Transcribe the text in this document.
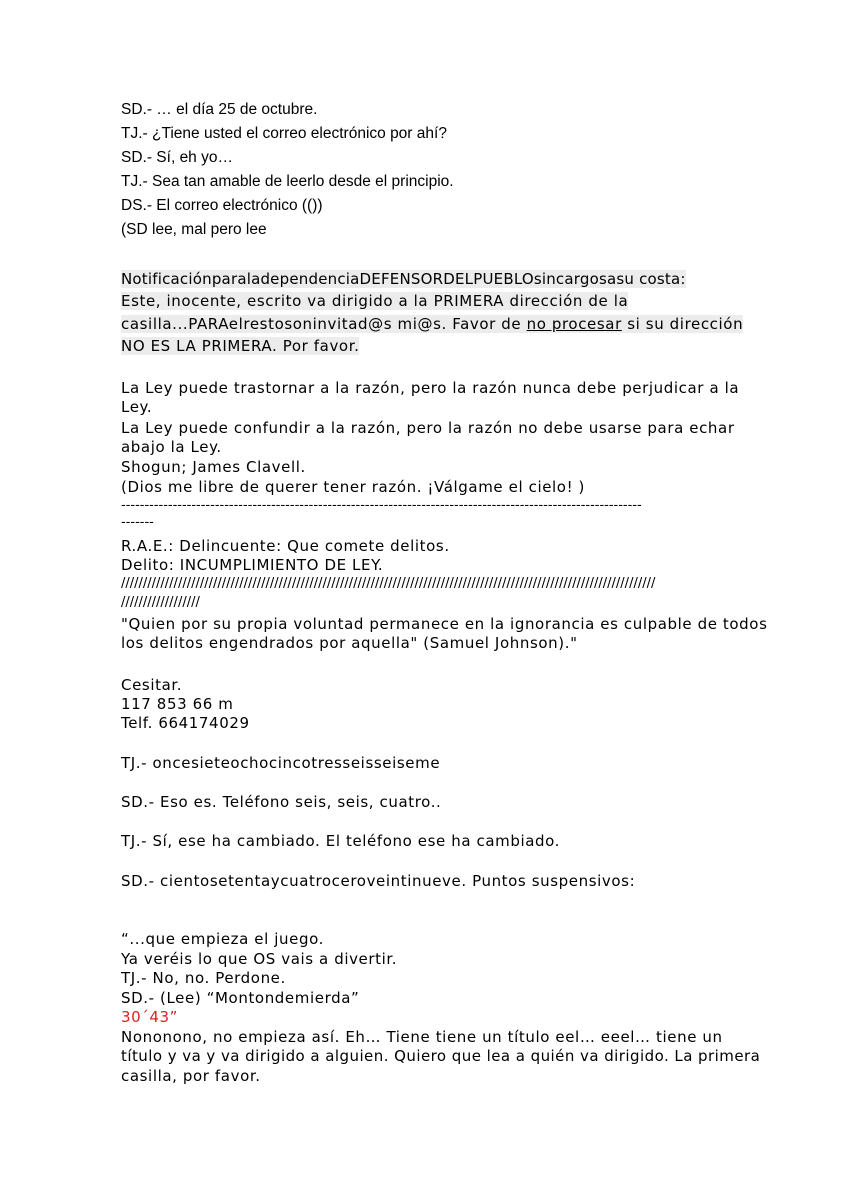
SD.- … el día 25 de octubre.

TJ.- ¿Tiene usted el correo electrónico por ahí?

SD.- Sí, eh yo…

TJ.- Sea tan amable de leerlo desde el principio.

DS.- El correo electrónico (())

(SD lee, mal pero lee

NotificaciónparaladependenciaDEFENSORDELPUEBLOsincargosasu costa:

Este, inocente, escrito va dirigido a la PRIMERA dirección de la

casilla...PARAelrestosoninvitad@s mi@s. Favor de no procesar si su dirección

NO ES LA PRIMERA. Por favor.

La Ley puede trastornar a la razón, pero la razón nunca debe perjudicar a la

Ley.

La Ley puede confundir a la razón, pero la razón no debe usarse para echar

abajo la Ley.

Shogun; James Clavell.

(Dios me libre de querer tener razón. ¡Válgame el cielo! )

---------------------------------------------------------------------------------------------------------------

-------

R.A.E.: Delincuente: Que comete delitos.

Delito: INCUMPLIMIENTO DE LEY.

//////////////////////////////////////////////////////////////////////////////////////////////////////////////////////////

//////////////////

"Quien por su propia voluntad permanece en la ignorancia es culpable de todos

los delitos engendrados por aquella" (Samuel Johnson)."

Cesitar.

117 853 66 m

Telf. 664174029

TJ.- oncesieteochocincotresseisseiseme

SD.- Eso es. Teléfono seis, seis, cuatro..

TJ.- Sí, ese ha cambiado. El teléfono ese ha cambiado.

SD.- cientosetentaycuatroceroveintinueve. Puntos suspensivos:

“...que empieza el juego.

Ya veréis lo que OS vais a divertir.

TJ.- No, no. Perdone.

SD.- (Lee) “Montondemierda”

30´43”

Nononono, no empieza así. Eh… Tiene tiene un título eel… eeel… tiene un

título y va y va dirigido a alguien. Quiero que lea a quién va dirigido. La primera

casilla, por favor.
